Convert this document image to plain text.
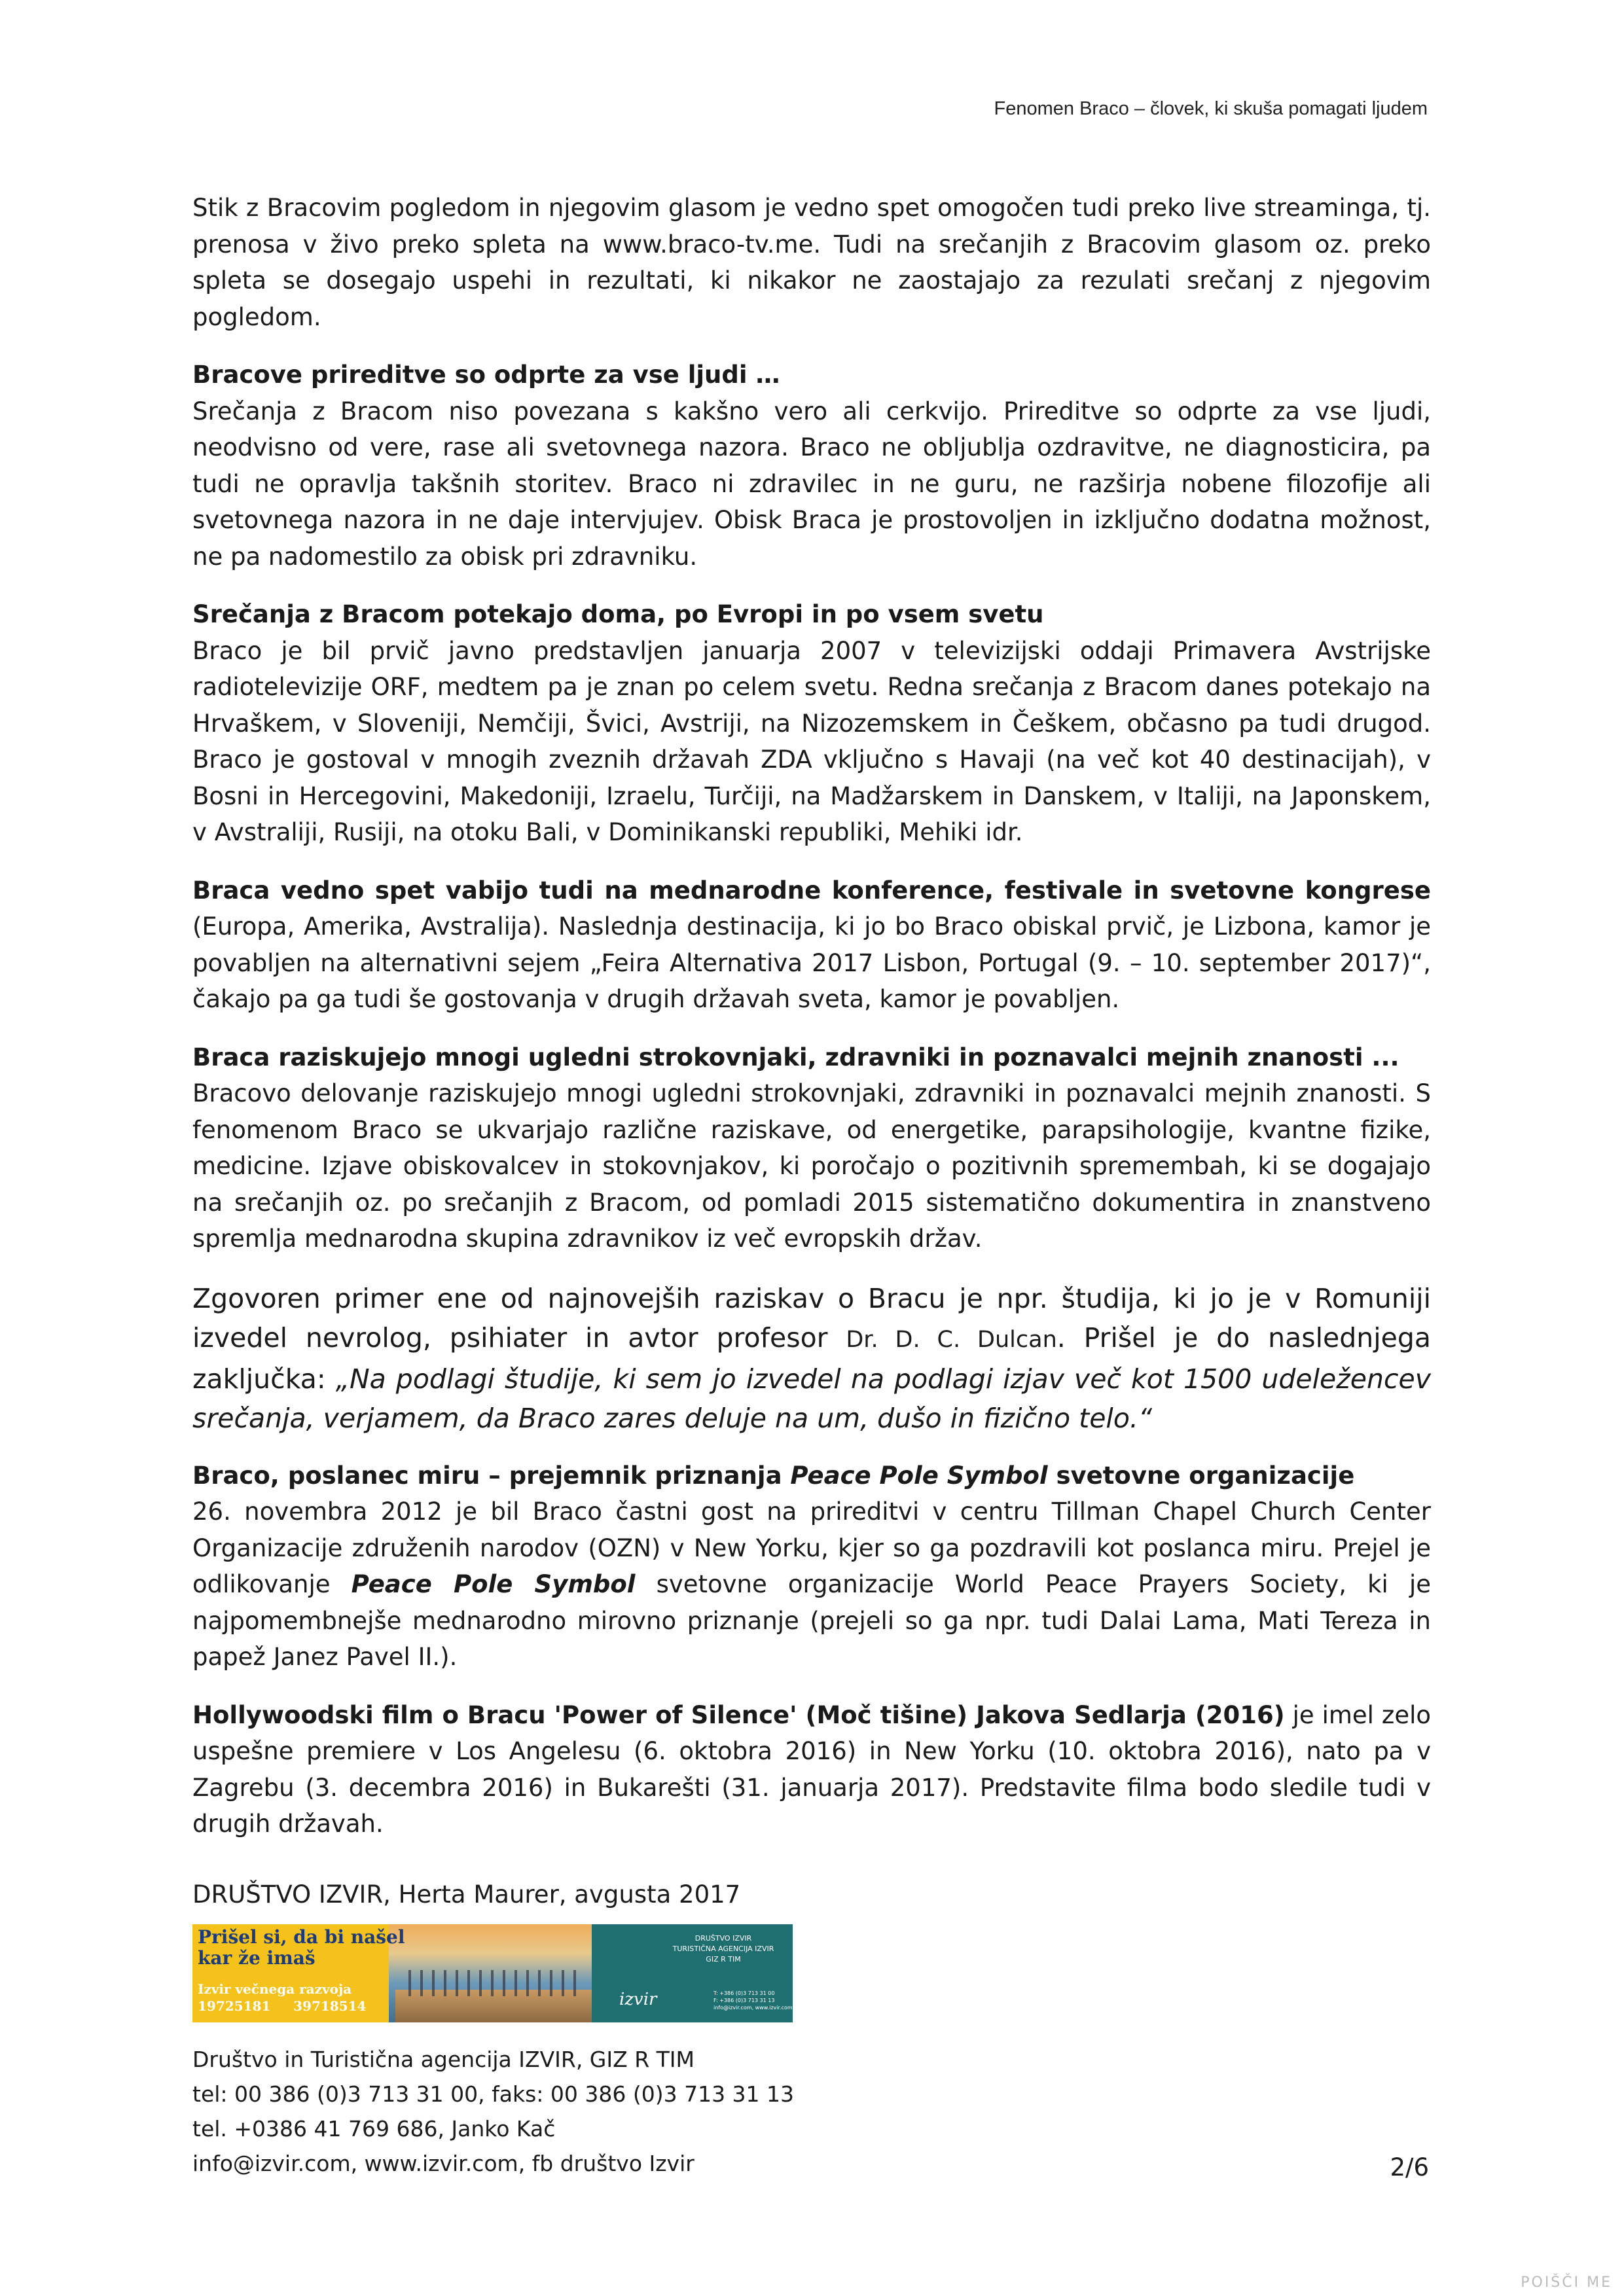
Fenomen Braco – človek, ki skuša pomagati ljudem

Stik z Bracovim pogledom in njegovim glasom je vedno spet omogočen tudi preko live streaminga, tj. prenosa v živo preko spleta na www.braco-tv.me. Tudi na srečanjih z Bracovim glasom oz. preko spleta se dosegajo uspehi in rezultati, ki nikakor ne zaostajajo za rezulati srečanj z njegovim pogledom.

Bracove prireditve so odprte za vse ljudi …

Srečanja z Bracom niso povezana s kakšno vero ali cerkvijo. Prireditve so odprte za vse ljudi, neodvisno od vere, rase ali svetovnega nazora. Braco ne obljublja ozdravitve, ne diagnosticira, pa tudi ne opravlja takšnih storitev. Braco ni zdravilec in ne guru, ne razširja nobene filozofije ali svetovnega nazora in ne daje intervjujev. Obisk Braca je prostovoljen in izključno dodatna možnost, ne pa nadomestilo za obisk pri zdravniku.

Srečanja z Bracom potekajo doma, po Evropi in po vsem svetu

Braco je bil prvič javno predstavljen januarja 2007 v televizijski oddaji Primavera Avstrijske radiotelevizije ORF, medtem pa je znan po celem svetu. Redna srečanja z Bracom danes potekajo na Hrvaškem, v Sloveniji, Nemčiji, Švici, Avstriji, na Nizozemskem in Češkem, občasno pa tudi drugod. Braco je gostoval v mnogih zveznih državah ZDA vključno s Havaji (na več kot 40 destinacijah), v Bosni in Hercegovini, Makedoniji, Izraelu, Turčiji, na Madžarskem in Danskem, v Italiji, na Japonskem, v Avstraliji, Rusiji, na otoku Bali, v Dominikanski republiki, Mehiki idr.

Braca vedno spet vabijo tudi na mednarodne konference, festivale in svetovne kongrese (Europa, Amerika, Avstralija). Naslednja destinacija, ki jo bo Braco obiskal prvič, je Lizbona, kamor je povabljen na alternativni sejem „Feira Alternativa 2017 Lisbon, Portugal (9. – 10. september 2017)“, čakajo pa ga tudi še gostovanja v drugih državah sveta, kamor je povabljen.

Braca raziskujejo mnogi ugledni strokovnjaki, zdravniki in poznavalci mejnih znanosti ...

Bracovo delovanje raziskujejo mnogi ugledni strokovnjaki, zdravniki in poznavalci mejnih znanosti. S fenomenom Braco se ukvarjajo različne raziskave, od energetike, parapsihologije, kvantne fizike, medicine. Izjave obiskovalcev in stokovnjakov, ki poročajo o pozitivnih spremembah, ki se dogajajo na srečanjih oz. po srečanjih z Bracom, od pomladi 2015 sistematično dokumentira in znanstveno spremlja mednarodna skupina zdravnikov iz več evropskih držav.

Zgovoren primer ene od najnovejših raziskav o Bracu je npr. študija, ki jo je v Romuniji izvedel nevrolog, psihiater in avtor profesor Dr. D. C. Dulcan. Prišel je do naslednjega zaključka: „Na podlagi študije, ki sem jo izvedel na podlagi izjav več kot 1500 udeležencev srečanja, verjamem, da Braco zares deluje na um, dušo in fizično telo.“

Braco, poslanec miru – prejemnik priznanja Peace Pole Symbol svetovne organizacije

26. novembra 2012 je bil Braco častni gost na prireditvi v centru Tillman Chapel Church Center Organizacije združenih narodov (OZN) v New Yorku, kjer so ga pozdravili kot poslanca miru. Prejel je odlikovanje Peace Pole Symbol svetovne organizacije World Peace Prayers Society, ki je najpomembnejše mednarodno mirovno priznanje (prejeli so ga npr. tudi Dalai Lama, Mati Tereza in papež Janez Pavel II.).

Hollywoodski film o Bracu 'Power of Silence' (Moč tišine) Jakova Sedlarja (2016) je imel zelo uspešne premiere v Los Angelesu (6. oktobra 2016) in New Yorku (10. oktobra 2016), nato pa v Zagrebu (3. decembra 2016) in Bukarešti (31. januarja 2017). Predstavite filma bodo sledile tudi v drugih državah.

DRUŠTVO IZVIR, Herta Maurer, avgusta 2017

Prišel si, da bi našel
kar že imaš
Izvir večnega razvoja
19725181     39718514
DRUŠTVO IZVIR
TURISTIČNA AGENCIJA IZVIR
GIZ R TIM
izvir	T: +386 (0)3 713 31 00
F: +386 (0)3 713 31 13
info@izvir.com, www.izvir.com
Društvo in Turistična agencija IZVIR, GIZ R TIM
tel: 00 386 (0)3 713 31 00, faks: 00 386 (0)3 713 31 13
tel. +0386 41 769 686, Janko Kač
info@izvir.com, www.izvir.com, fb društvo Izvir	2/6
POIŠČI ME
